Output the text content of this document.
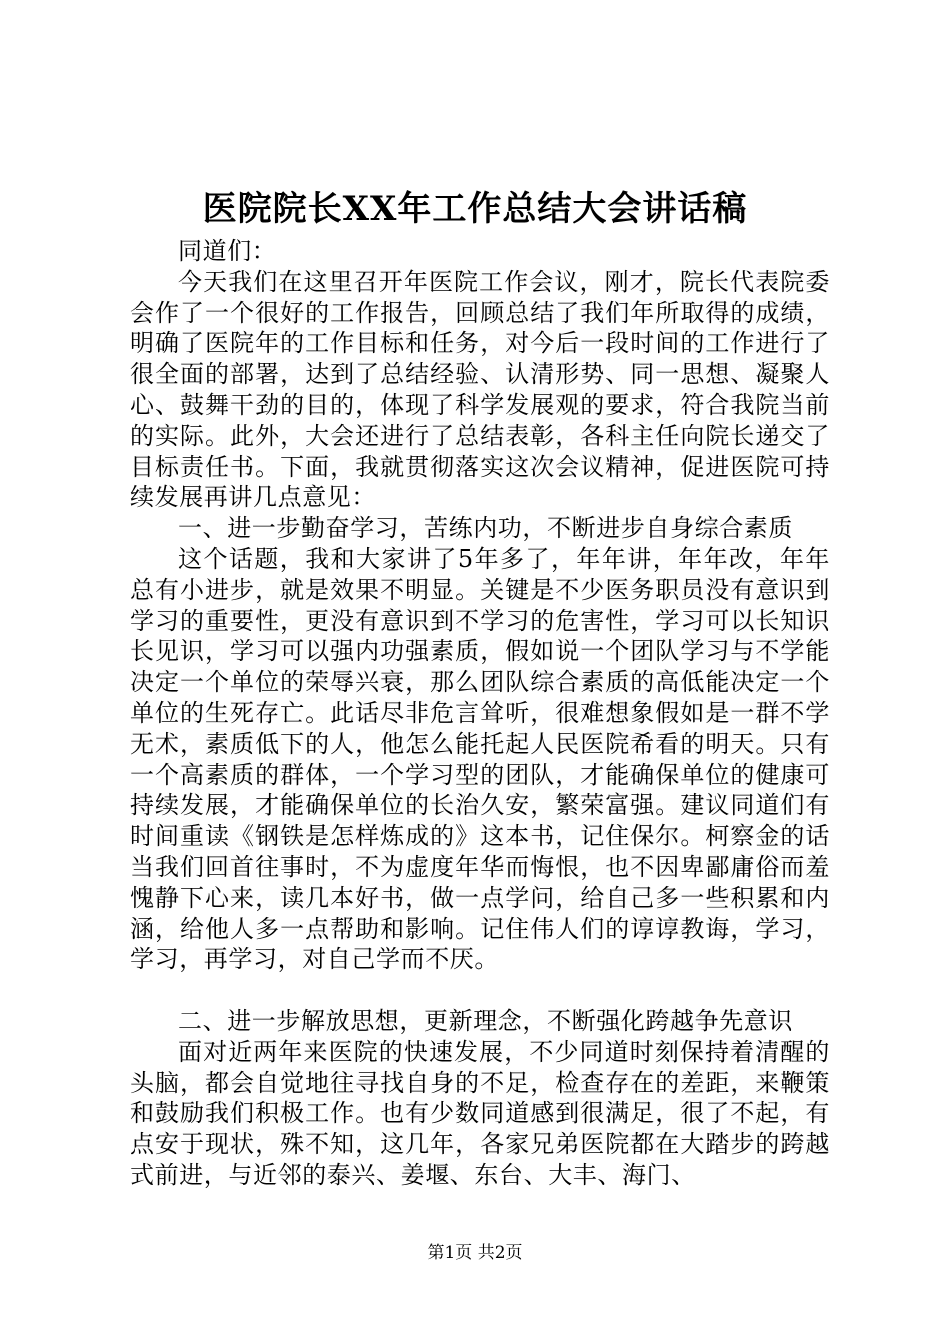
医院院长XX年工作总结大会讲话稿

同道们：

今天我们在这里召开年医院工作会议，刚才，院长代表院委会作了一个很好的工作报告，回顾总结了我们年所取得的成绩，明确了医院年的工作目标和任务，对今后一段时间的工作进行了很全面的部署，达到了总结经验、认清形势、同一思想、凝聚人心、鼓舞干劲的目的，体现了科学发展观的要求，符合我院当前的实际。此外，大会还进行了总结表彰，各科主任向院长递交了目标责任书。下面，我就贯彻落实这次会议精神，促进医院可持续发展再讲几点意见：

一、进一步勤奋学习，苦练内功，不断进步自身综合素质

这个话题，我和大家讲了5年多了，年年讲，年年改，年年总有小进步，就是效果不明显。关键是不少医务职员没有意识到学习的重要性，更没有意识到不学习的危害性，学习可以长知识长见识，学习可以强内功强素质，假如说一个团队学习与不学能决定一个单位的荣辱兴衰，那么团队综合素质的高低能决定一个单位的生死存亡。此话尽非危言耸听，很难想象假如是一群不学无术，素质低下的人，他怎么能托起人民医院希看的明天。只有一个高素质的群体，一个学习型的团队，才能确保单位的健康可持续发展，才能确保单位的长治久安，繁荣富强。建议同道们有时间重读《钢铁是怎样炼成的》这本书，记住保尔。柯察金的话当我们回首往事时，不为虚度年华而悔恨，也不因卑鄙庸俗而羞愧静下心来，读几本好书，做一点学问，给自己多一些积累和内涵，给他人多一点帮助和影响。记住伟人们的谆谆教诲，学习，学习，再学习，对自己学而不厌。

二、进一步解放思想，更新理念，不断强化跨越争先意识

面对近两年来医院的快速发展，不少同道时刻保持着清醒的头脑，都会自觉地往寻找自身的不足，检查存在的差距，来鞭策和鼓励我们积极工作。也有少数同道感到很满足，很了不起，有点安于现状，殊不知，这几年，各家兄弟医院都在大踏步的跨越式前进，与近邻的泰兴、姜堰、东台、大丰、海门、

第1页 共2页
